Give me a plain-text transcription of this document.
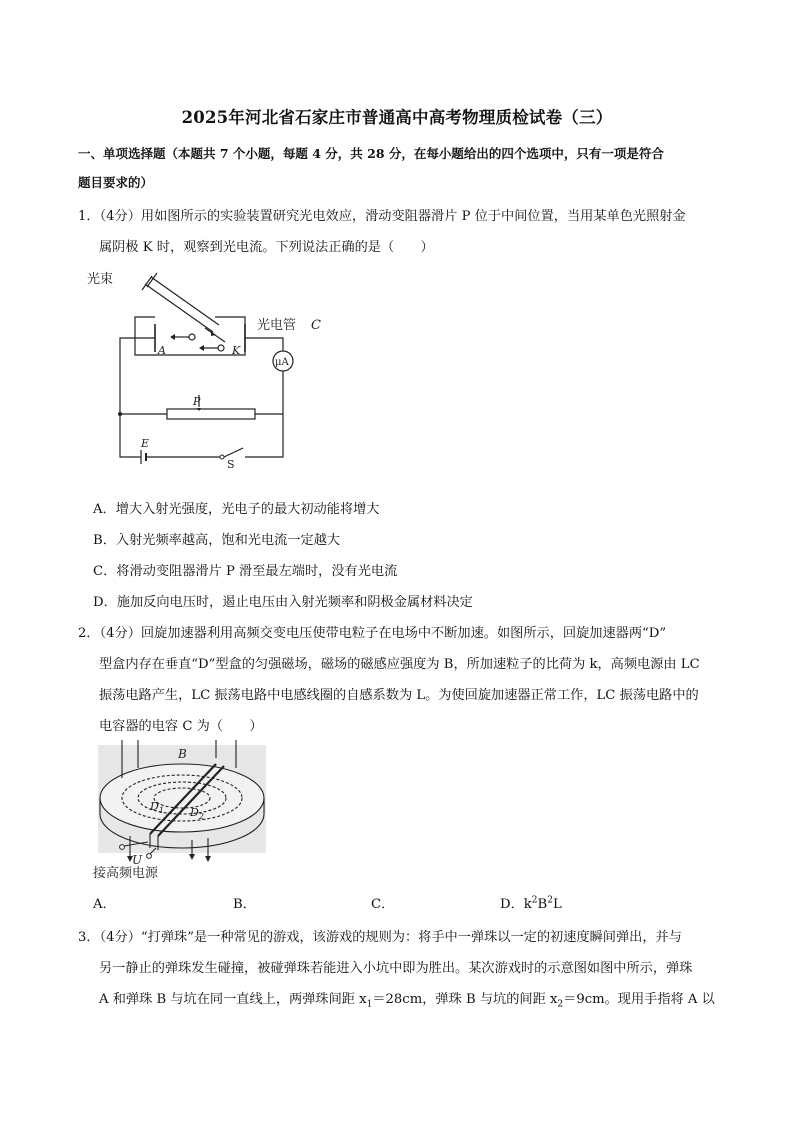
2025年河北省石家庄市普通高中高考物理质检试卷（三）
一、单项选择题（本题共 7 个小题，每题 4 分，共 28 分，在每小题给出的四个选项中，只有一项是符合
题目要求的）
1．（4分）用如图所示的实验装置研究光电效应，滑动变阻器滑片 P 位于中间位置，当用某单色光照射金
属阴极 K 时，观察到光电流。下列说法正确的是（　　）
光束
光电管 C
A	K
μA
P
E
S
A．增大入射光强度，光电子的最大初动能将增大
B．入射光频率越高，饱和光电流一定越大
C．将滑动变阻器滑片 P 滑至最左端时，没有光电流
D．施加反向电压时，遏止电压由入射光频率和阴极金属材料决定
2．（4分）回旋加速器利用高频交变电压使带电粒子在电场中不断加速。如图所示，回旋加速器两“D”
型盒内存在垂直“D”型盒的匀强磁场，磁场的磁感应强度为 B，所加速粒子的比荷为 k，高频电源由 LC
振荡电路产生，LC 振荡电路中电感线圈的自感系数为 L。为使回旋加速器正常工作，LC 振荡电路中的
电容器的电容 C 为（　　）
B
$D_1$ $D_2$
U
接高频电源
A．	B．	C．	D．$k^2B^2L$
3．（4分）“打弹珠”是一种常见的游戏，该游戏的规则为：将手中一弹珠以一定的初速度瞬间弹出，并与
另一静止的弹珠发生碰撞，被碰弹珠若能进入小坑中即为胜出。某次游戏时的示意图如图中所示，弹珠
A 和弹珠 B 与坑在同一直线上，两弹珠间距 $x_1=28cm$，弹珠 B 与坑的间距 $x_2=9cm$。现用手指将 A 以
